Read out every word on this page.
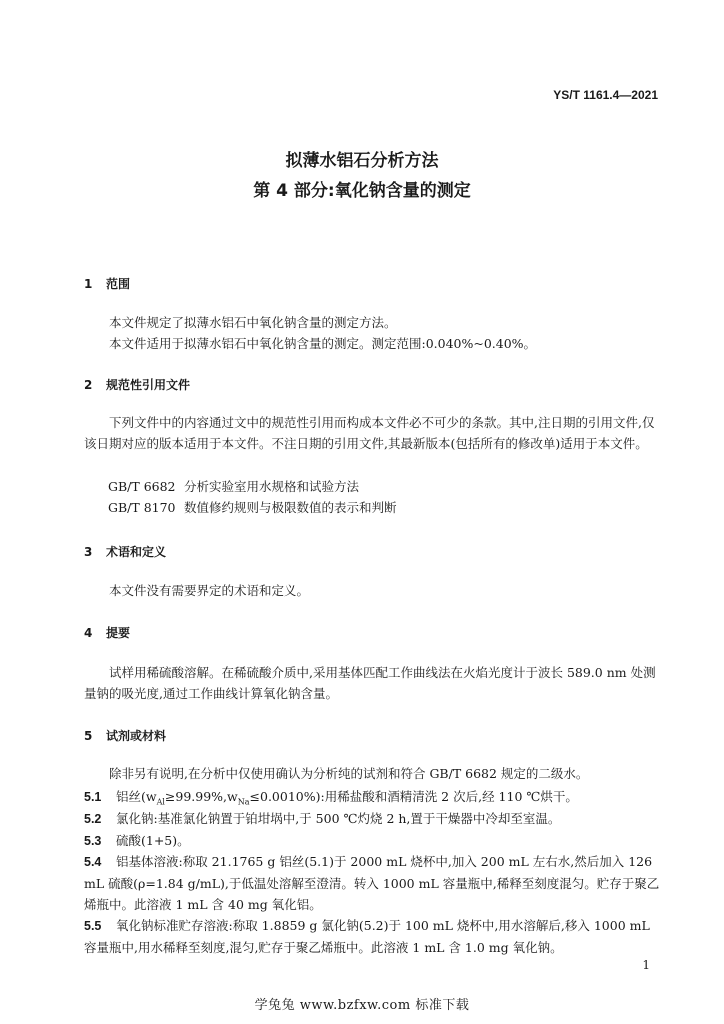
YS/T 1161.4—2021
拟薄水铝石分析方法
第 4 部分:氧化钠含量的测定
1 范围
本文件规定了拟薄水铝石中氧化钠含量的测定方法。
本文件适用于拟薄水铝石中氧化钠含量的测定。测定范围:0.040%~0.40%。
2 规范性引用文件
下列文件中的内容通过文中的规范性引用而构成本文件必不可少的条款。其中,注日期的引用文件,仅该日期对应的版本适用于本文件。不注日期的引用文件,其最新版本(包括所有的修改单)适用于本文件。
GB/T 6682 分析实验室用水规格和试验方法
GB/T 8170 数值修约规则与极限数值的表示和判断
3 术语和定义
本文件没有需要界定的术语和定义。
4 提要
试样用稀硫酸溶解。在稀硫酸介质中,采用基体匹配工作曲线法在火焰光度计于波长 589.0 nm 处测量钠的吸光度,通过工作曲线计算氧化钠含量。
5 试剂或材料
除非另有说明,在分析中仅使用确认为分析纯的试剂和符合 GB/T 6682 规定的二级水。
5.1 铝丝$(w_{Al}\ge 99.99\%,w_{Na}\le 0.0010\%)$:用稀盐酸和酒精清洗 2 次后,经 110 ℃烘干。
5.2 氯化钠:基准氯化钠置于铂坩埚中,于 500 ℃灼烧 2 h,置于干燥器中冷却至室温。
5.3 硫酸(1+5)。
5.4 铝基体溶液:称取 21.1765 g 铝丝(5.1)于 2000 mL 烧杯中,加入 200 mL 左右水,然后加入 126 mL 硫酸(ρ=1.84 g/mL),于低温处溶解至澄清。转入 1000 mL 容量瓶中,稀释至刻度混匀。贮存于聚乙烯瓶中。此溶液 1 mL 含 40 mg 氧化铝。
5.5 氧化钠标准贮存溶液:称取 1.8859 g 氯化钠(5.2)于 100 mL 烧杯中,用水溶解后,移入 1000 mL 容量瓶中,用水稀释至刻度,混匀,贮存于聚乙烯瓶中。此溶液 1 mL 含 1.0 mg 氧化钠。
1
学兔兔 www.bzfxw.com 标准下载
